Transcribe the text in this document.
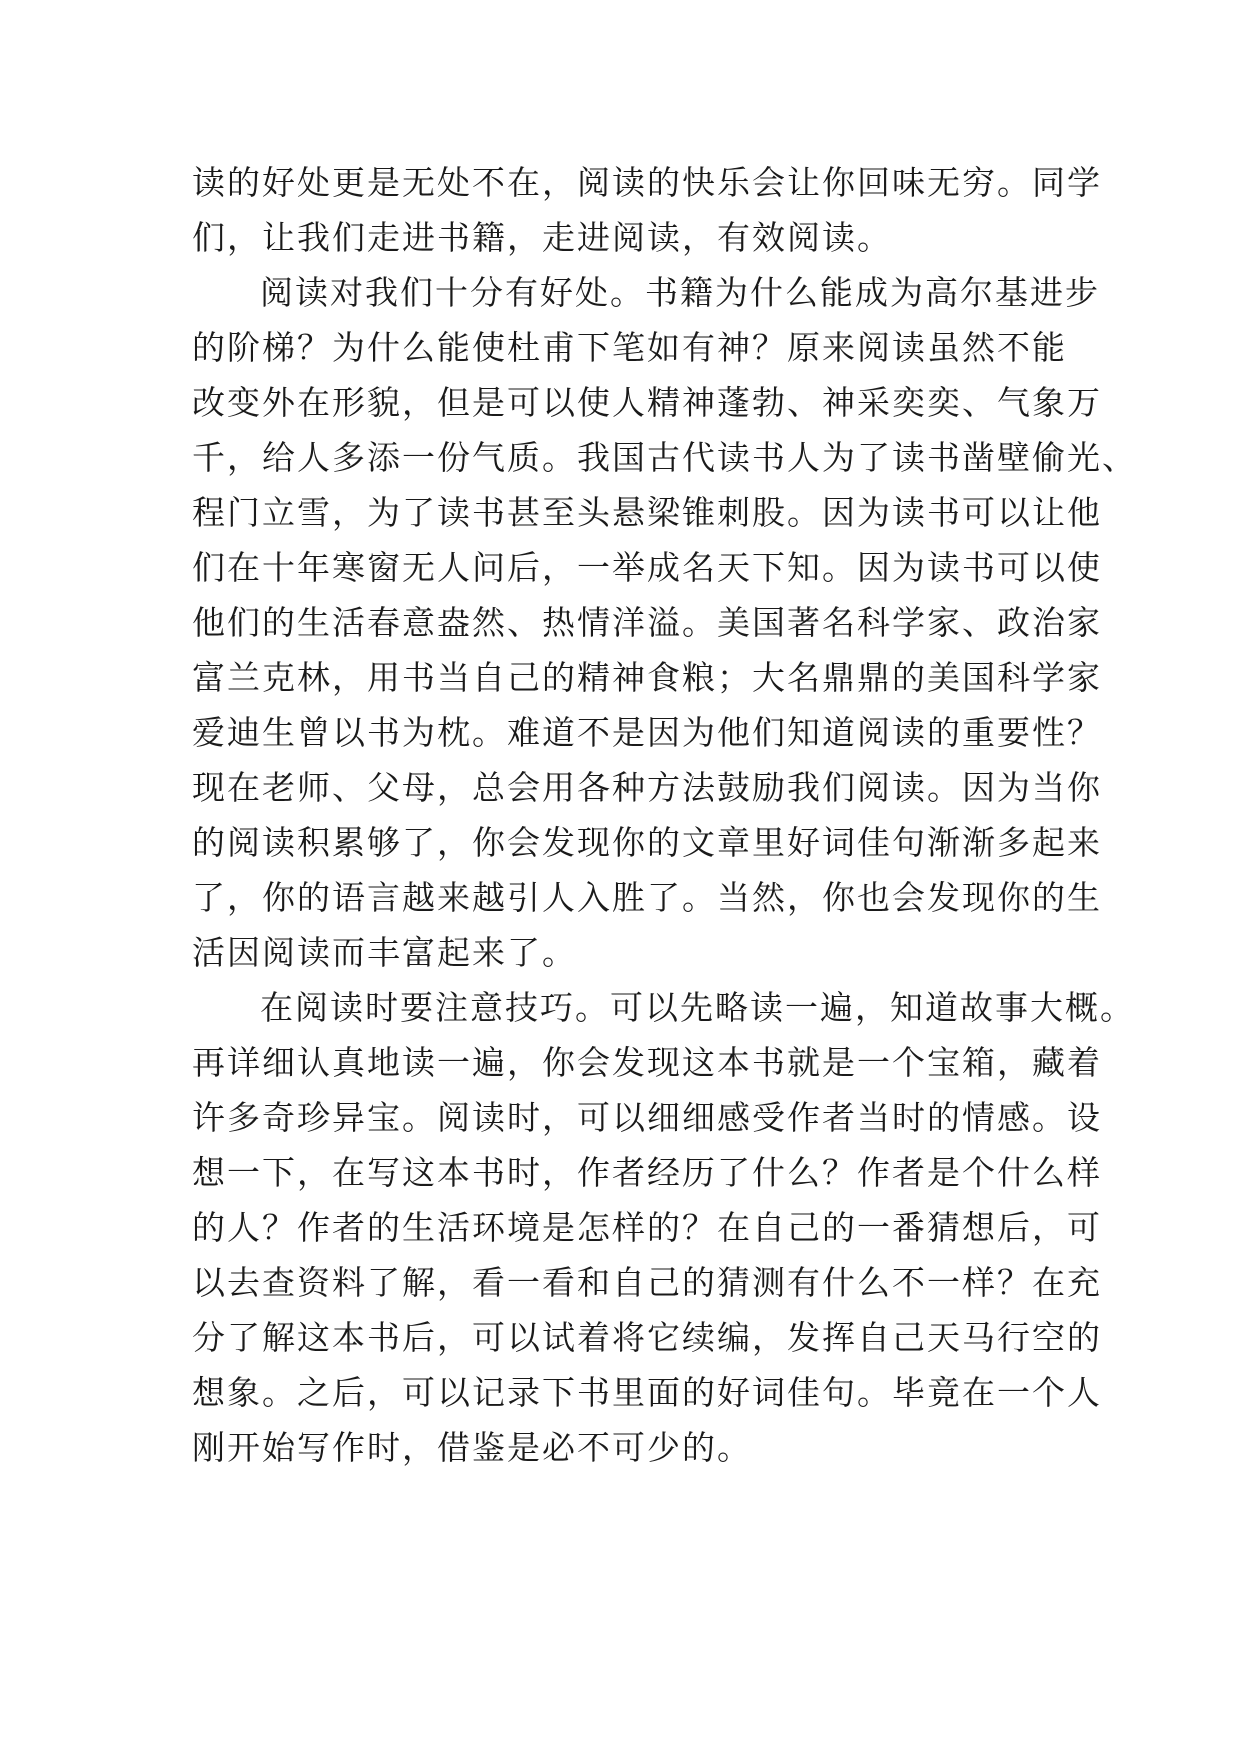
读的好处更是无处不在，阅读的快乐会让你回味无穷。同学
们，让我们走进书籍，走进阅读，有效阅读。
阅读对我们十分有好处。书籍为什么能成为高尔基进步
的阶梯？为什么能使杜甫下笔如有神？原来阅读虽然不能
改变外在形貌，但是可以使人精神蓬勃、神采奕奕、气象万
千，给人多添一份气质。我国古代读书人为了读书凿壁偷光、
程门立雪，为了读书甚至头悬梁锥刺股。因为读书可以让他
们在十年寒窗无人问后，一举成名天下知。因为读书可以使
他们的生活春意盎然、热情洋溢。美国著名科学家、政治家
富兰克林，用书当自己的精神食粮；大名鼎鼎的美国科学家
爱迪生曾以书为枕。难道不是因为他们知道阅读的重要性？
现在老师、父母，总会用各种方法鼓励我们阅读。因为当你
的阅读积累够了，你会发现你的文章里好词佳句渐渐多起来
了，你的语言越来越引人入胜了。当然，你也会发现你的生
活因阅读而丰富起来了。
在阅读时要注意技巧。可以先略读一遍，知道故事大概。
再详细认真地读一遍，你会发现这本书就是一个宝箱，藏着
许多奇珍异宝。阅读时，可以细细感受作者当时的情感。设
想一下，在写这本书时，作者经历了什么？作者是个什么样
的人？作者的生活环境是怎样的？在自己的一番猜想后，可
以去查资料了解，看一看和自己的猜测有什么不一样？在充
分了解这本书后，可以试着将它续编，发挥自己天马行空的
想象。之后，可以记录下书里面的好词佳句。毕竟在一个人
刚开始写作时，借鉴是必不可少的。
